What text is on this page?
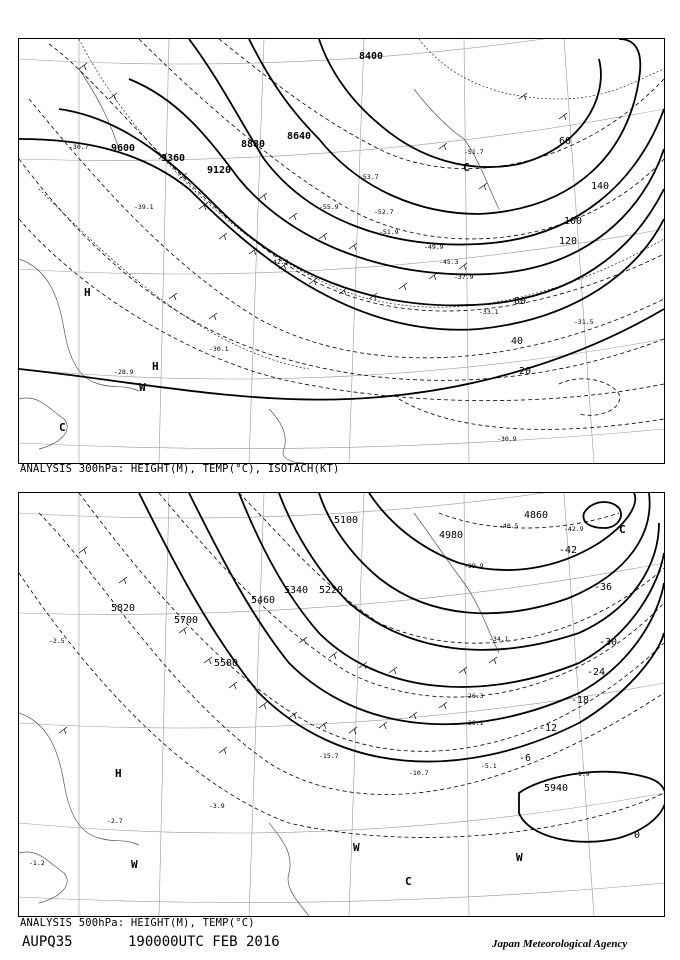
9600
9360
9120
8880
8640
8400
140
120
100
80
60
40
20
-30.7
-39.1
-53.7
-51.7
-52.7
-55.9
-51.9
-49.9
-45.3
-37.9
-33.1
-31.5
-30.1
-28.9
-30.9
-42.9
H
H
W
C
C
ANALYSIS 300hPa: HEIGHT(M), TEMP(°C), ISOTACH(KT)
5940
5820
5700
5580
5460
5340 5220
5100
4980
4860
-42
-36
-30
-24
-18
-12
-6
0
-40.5	-42.9
-39.9
-34.1
-26.3
-20.1
-15.7
-10.7
-5.1
-1.9
-3.9
-2.7
-2.5
-1.2
H
W
W
W
C
C
ANALYSIS 500hPa: HEIGHT(M), TEMP(°C)
AUPQ35	190000UTC FEB 2016	Japan Meteorological Agency
